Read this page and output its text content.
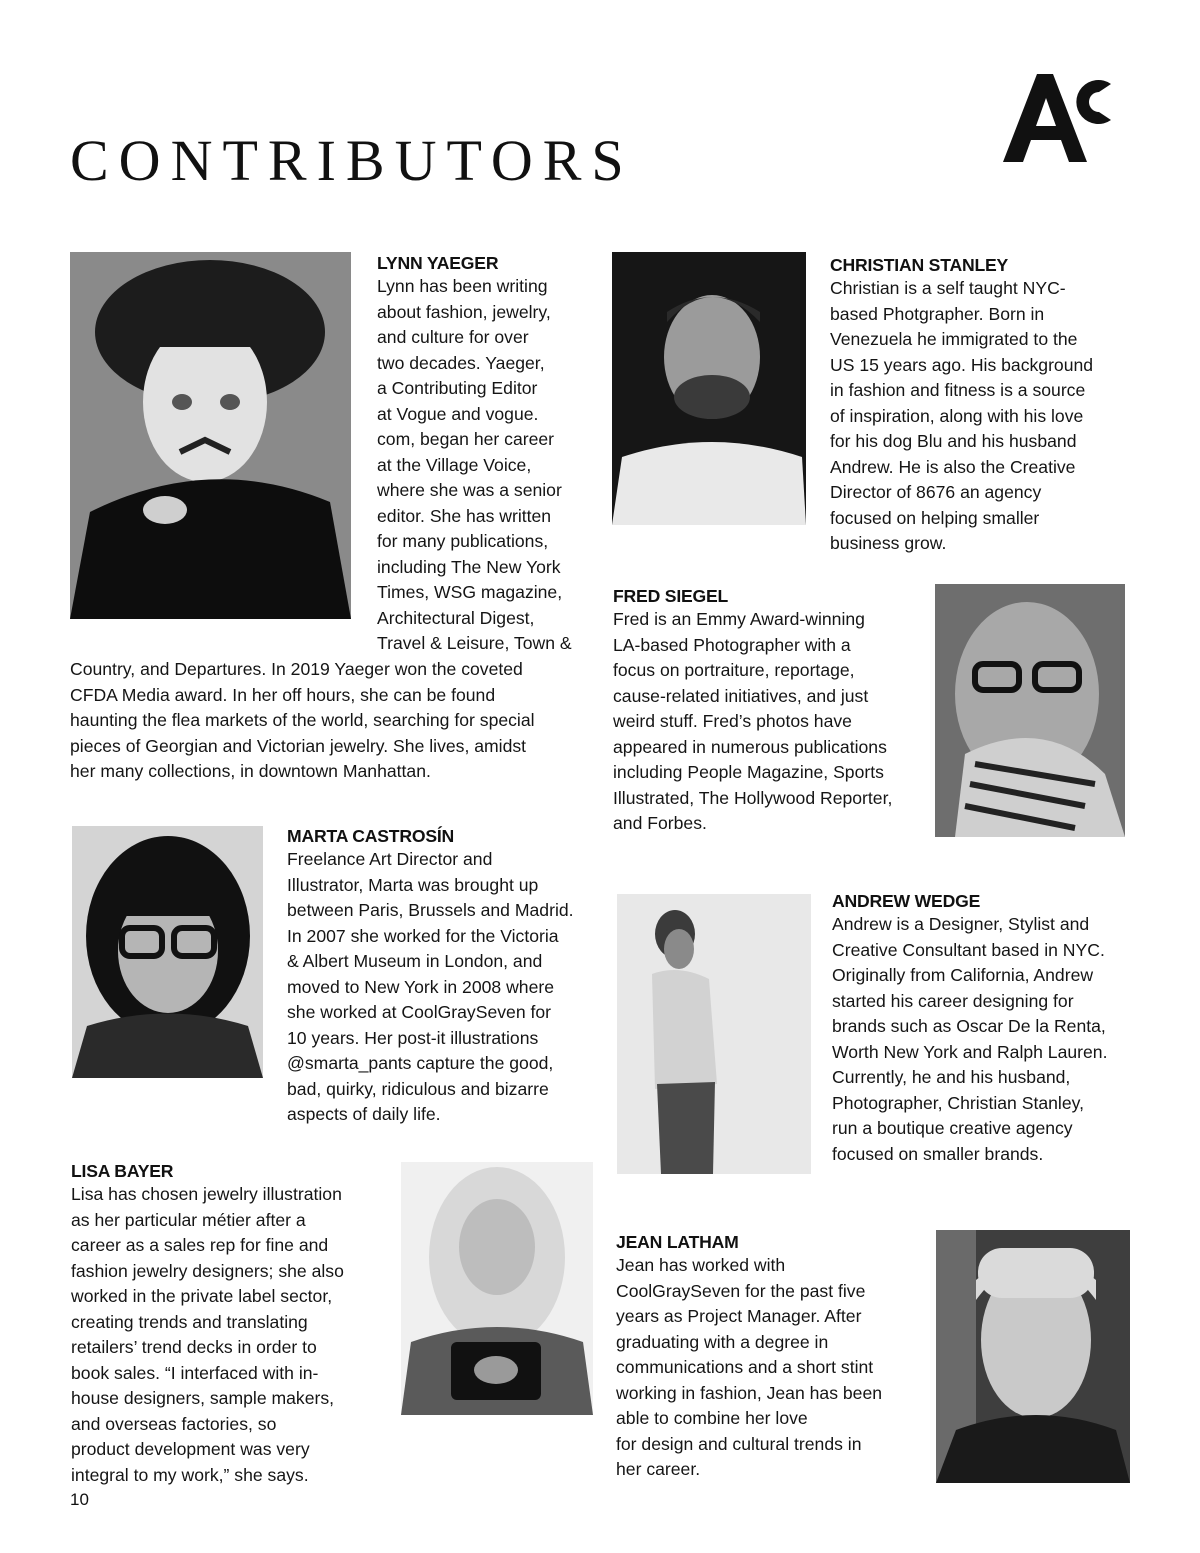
CONTRIBUTORS
LYNN YAEGER
Lynn has been writing
about fashion, jewelry,
and culture for over
two decades. Yaeger,
a Contributing Editor
at Vogue and vogue.
com, began her career
at the Village Voice,
where she was a senior
editor. She has written
for many publications,
including The New York
Times, WSG magazine,
Architectural Digest,
Travel & Leisure, Town &
Country, and Departures. In 2019 Yaeger won the coveted
CFDA Media award. In her off hours, she can be found
haunting the flea markets of the world, searching for special
pieces of Georgian and Victorian jewelry. She lives, amidst
her many collections, in downtown Manhattan.
CHRISTIAN STANLEY
Christian is a self taught NYC-
based Photgrapher. Born in
Venezuela he immigrated to the
US 15 years ago. His background
in fashion and fitness is a source
of inspiration, along with his love
for his dog Blu and his husband
Andrew. He is also the Creative
Director of 8676 an agency
focused on helping smaller
business grow.
FRED SIEGEL
Fred is an Emmy Award-winning
LA-based Photographer with a
focus on portraiture, reportage,
cause-related initiatives, and just
weird stuff. Fred’s photos have
appeared in numerous publications
including People Magazine, Sports
Illustrated, The Hollywood Reporter,
and Forbes.
MARTA CASTROSÍN
Freelance Art Director and
Illustrator, Marta was brought up
between Paris, Brussels and Madrid.
In 2007 she worked for the Victoria
& Albert Museum in London, and
moved to New York in 2008 where
she worked at CoolGraySeven for
10 years. Her post-it illustrations
@smarta_pants capture the good,
bad, quirky, ridiculous and bizarre
aspects of daily life.
ANDREW WEDGE
Andrew is a Designer, Stylist and
Creative Consultant based in NYC.
Originally from California, Andrew
started his career designing for
brands such as Oscar De la Renta,
Worth New York and Ralph Lauren.
Currently, he and his husband,
Photographer, Christian Stanley,
run a boutique creative agency
focused on smaller brands.
LISA BAYER
Lisa has chosen jewelry illustration
as her particular métier after a
career as a sales rep for fine and
fashion jewelry designers; she also
worked in the private label sector,
creating trends and translating
retailers’ trend decks in order to
book sales. “I interfaced with in-
house designers, sample makers,
and overseas factories, so
product development was very
integral to my work,” she says.
JEAN LATHAM
Jean has worked with
CoolGraySeven for the past five
years as Project Manager. After
graduating with a degree in
communications and a short stint
working in fashion, Jean has been
able to combine her love
for design and cultural trends in
her career.
10
